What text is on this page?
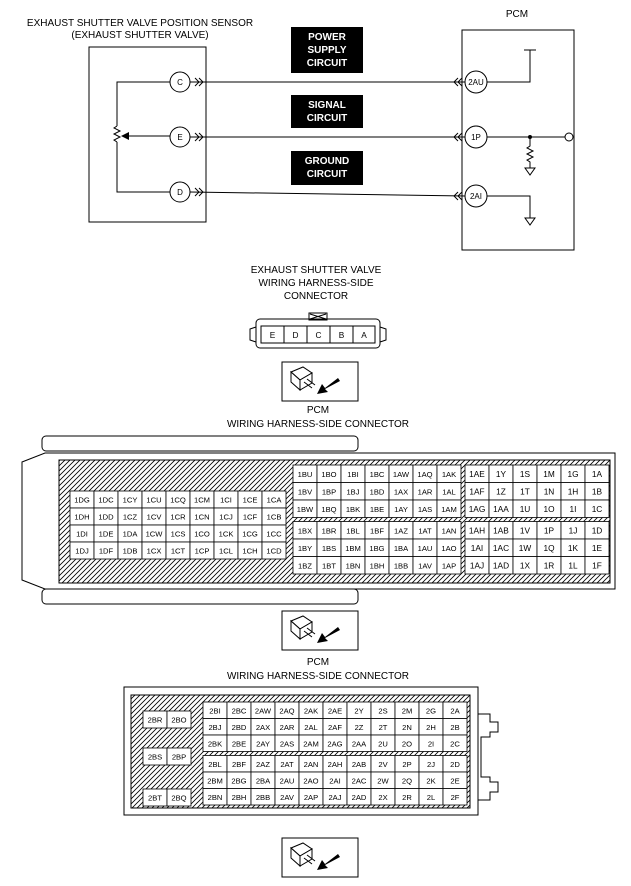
EXHAUST SHUTTER VALVE POSITION SENSOR
(EXHAUST SHUTTER VALVE)
PCM
C
E
D
2AU
1P
2AI
POWER
SUPPLY
CIRCUIT
SIGNAL
CIRCUIT
GROUND
CIRCUIT
EXHAUST SHUTTER VALVE
WIRING HARNESS-SIDE
CONNECTOR
E D C B A
PCM
WIRING HARNESS-SIDE CONNECTOR
1DG 1DC 1CY 1CU 1CQ 1CM 1CI 1CE 1CA
1DH 1DD 1CZ 1CV 1CR 1CN 1CJ 1CF 1CB
1DI 1DE 1DA 1CW 1CS 1CO 1CK 1CG 1CC
1DJ 1DF 1DB 1CX 1CT 1CP 1CL 1CH 1CD
1BU 1BO 1BI 1BC 1AW 1AQ 1AK
1BV 1BP 1BJ 1BD 1AX 1AR 1AL
1BW 1BQ 1BK 1BE 1AY 1AS 1AM
1BX 1BR 1BL 1BF 1AZ 1AT 1AN
1BY 1BS 1BM 1BG 1BA 1AU 1AO
1BZ 1BT 1BN 1BH 1BB 1AV 1AP
1AE 1Y 1S 1M 1G 1A
1AF 1Z 1T 1N 1H 1B
1AG 1AA 1U 1O 1I 1C
1AH 1AB 1V 1P 1J 1D
1AI 1AC 1W 1Q 1K 1E
1AJ 1AD 1X 1R 1L 1F
PCM
WIRING HARNESS-SIDE CONNECTOR
2BR 2BO
2BS 2BP
2BT 2BQ
2BI 2BC 2AW 2AQ 2AK 2AE 2Y 2S 2M 2G 2A
2BJ 2BD 2AX 2AR 2AL 2AF 2Z 2T 2N 2H 2B
2BK 2BE 2AY 2AS 2AM 2AG 2AA 2U 2O 2I 2C
2BL 2BF 2AZ 2AT 2AN 2AH 2AB 2V 2P 2J 2D
2BM 2BG 2BA 2AU 2AO 2AI 2AC 2W 2Q 2K 2E
2BN 2BH 2BB 2AV 2AP 2AJ 2AD 2X 2R 2L 2F
